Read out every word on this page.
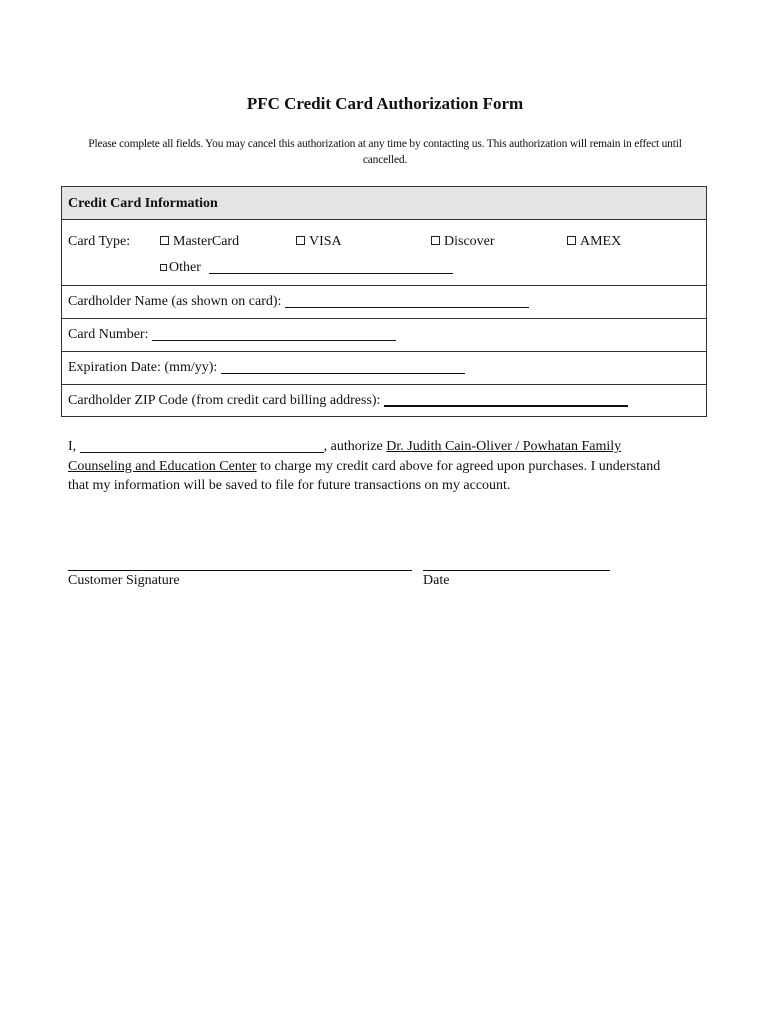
PFC Credit Card Authorization Form
Please complete all fields. You may cancel this authorization at any time by contacting us. This authorization will remain in effect until cancelled.
Credit Card Information
Card Type:	MasterCard	VISA	Discover	AMEX
Other
Cardholder Name (as shown on card):
Card Number:
Expiration Date: (mm/yy):
Cardholder ZIP Code (from credit card billing address):
I,	, authorize Dr. Judith Cain-Oliver / Powhatan Family Counseling and Education Center to charge my credit card above for agreed upon purchases. I understand that my information will be saved to file for future transactions on my account.
Customer Signature	Date
